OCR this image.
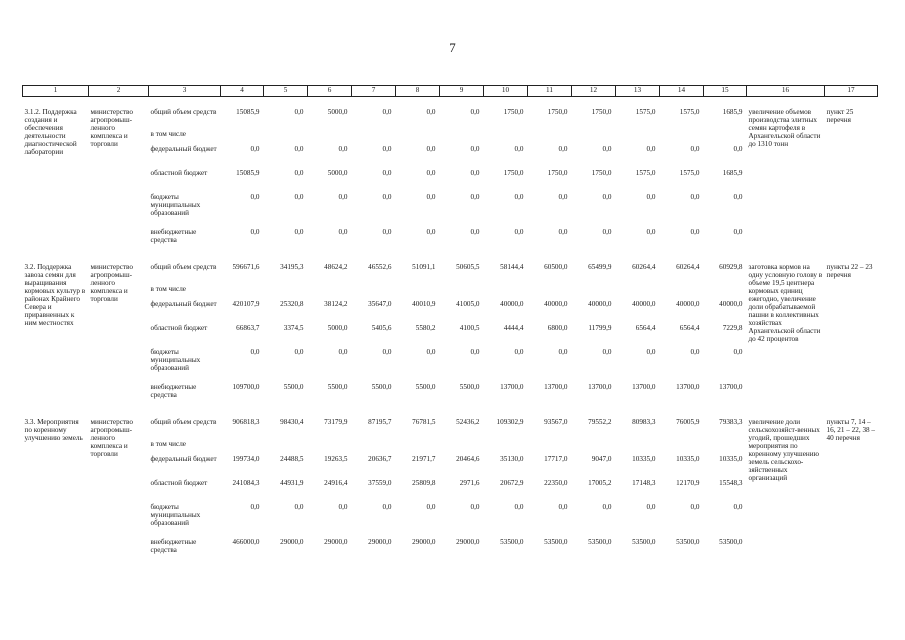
7
1	2	3	4	5	6	7	8	9	10	11	12	13	14	15	16	17

3.1.2. Поддержка создания и обеспечения деятельности диагностической лаборатории	министерство агропромыш-ленного комплекса и торговли	общий объем средств	15085,9	0,0	5000,0	0,0	0,0	0,0	1750,0	1750,0	1750,0	1575,0	1575,0	1685,9	увеличение объемов производства элитных семян картофеля в Архангельской области до 1310 тонн	пункт 25 перечня
		в том числе														
		федеральный бюджет	0,0	0,0	0,0	0,0	0,0	0,0	0,0	0,0	0,0	0,0	0,0	0,0		
		областной бюджет	15085,9	0,0	5000,0	0,0	0,0	0,0	1750,0	1750,0	1750,0	1575,0	1575,0	1685,9		
		бюджеты муниципальных образований	0,0	0,0	0,0	0,0	0,0	0,0	0,0	0,0	0,0	0,0	0,0	0,0		
		внебюджетные средства	0,0	0,0	0,0	0,0	0,0	0,0	0,0	0,0	0,0	0,0	0,0	0,0		

3.2. Поддержка завоза семян для выращивания кормовых культур в районах Крайнего Севера и приравненных к ним местностях	министерство агропромыш-ленного комплекса и торговли	общий объем средств	596671,6	34195,3	48624,2	46552,6	51091,1	50605,5	58144,4	60500,0	65499,9	60264,4	60264,4	60929,8	заготовка кормов на одну условную голову в объеме 19,5 центнера кормовых единиц ежегодно, увеличение доли обрабатываемой пашни в коллективных хозяйствах Архангельской области до 42 процентов	пункты 22 – 23 перечня
		в том числе														
		федеральный бюджет	420107,9	25320,8	38124,2	35647,0	40010,9	41005,0	40000,0	40000,0	40000,0	40000,0	40000,0	40000,0		
		областной бюджет	66863,7	3374,5	5000,0	5405,6	5580,2	4100,5	4444,4	6800,0	11799,9	6564,4	6564,4	7229,8		
		бюджеты муниципальных образований	0,0	0,0	0,0	0,0	0,0	0,0	0,0	0,0	0,0	0,0	0,0	0,0		
		внебюджетные средства	109700,0	5500,0	5500,0	5500,0	5500,0	5500,0	13700,0	13700,0	13700,0	13700,0	13700,0	13700,0		

3.3. Мероприятия по коренному улучшению земель	министерство агропромыш-ленного комплекса и торговли	общий объем средств	906818,3	98430,4	73179,9	87195,7	76781,5	52436,2	109302,9	93567,0	79552,2	80983,3	76005,9	79383,3	увеличение доли сельскохозяйст-венных угодий, прошедших мероприятия по коренному улучшению земель сельскохо-зяйственных организаций	пункты 7, 14 – 16, 21 – 22, 38 – 40 перечня
		в том числе														
		федеральный бюджет	199734,0	24488,5	19263,5	20636,7	21971,7	20464,6	35130,0	17717,0	9047,0	10335,0	10335,0	10335,0		
		областной бюджет	241084,3	44931,9	24916,4	37559,0	25809,8	2971,6	20672,9	22350,0	17005,2	17148,3	12170,9	15548,3		
		бюджеты муниципальных образований	0,0	0,0	0,0	0,0	0,0	0,0	0,0	0,0	0,0	0,0	0,0	0,0		
		внебюджетные средства	466000,0	29000,0	29000,0	29000,0	29000,0	29000,0	53500,0	53500,0	53500,0	53500,0	53500,0	53500,0		
